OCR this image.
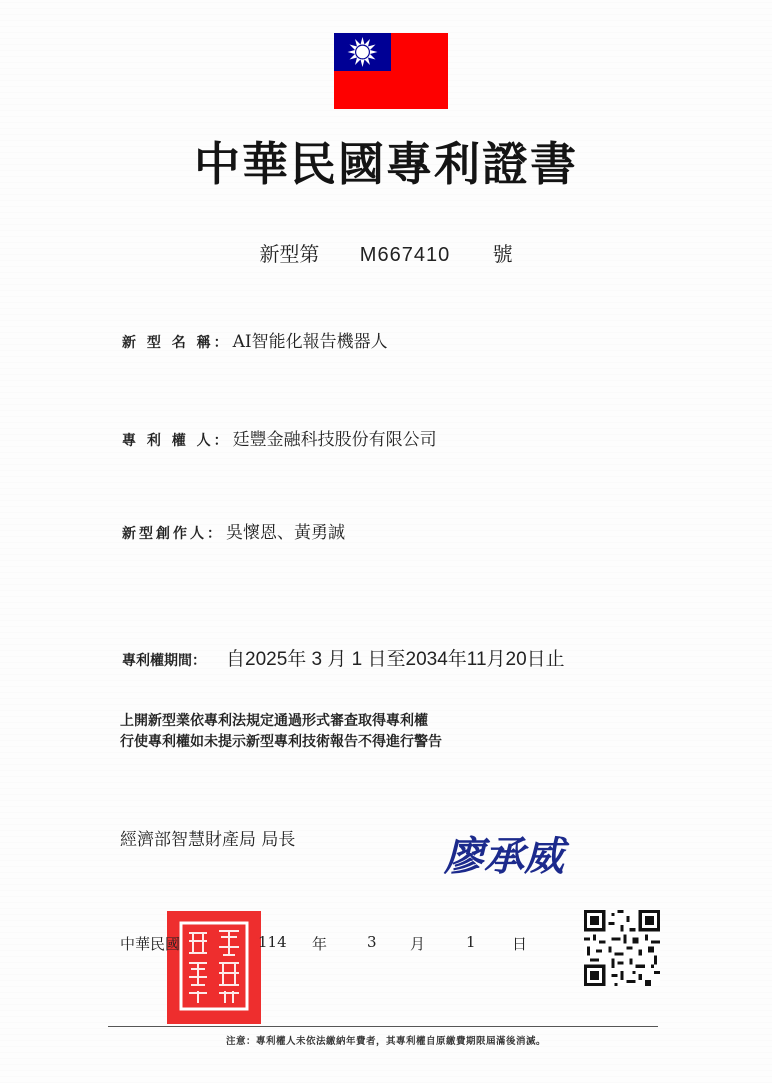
中華民國專利證書
新型第 M667410 號
新 型 名 稱： AI智能化報告機器人
專 利 權 人： 廷豐金融科技股份有限公司
新型創作人： 吳懷恩、黃勇誠
專利權期間： 自2025年 3 月 1 日至2034年11月20日止
上開新型業依專利法規定通過形式審查取得專利權
行使專利權如未提示新型專利技術報告不得進行警告
經濟部智慧財產局 局長	廖承威
中華民國	114 年	3 月	1 日
注意：專利權人未依法繳納年費者，其專利權自原繳費期限屆滿後消滅。
